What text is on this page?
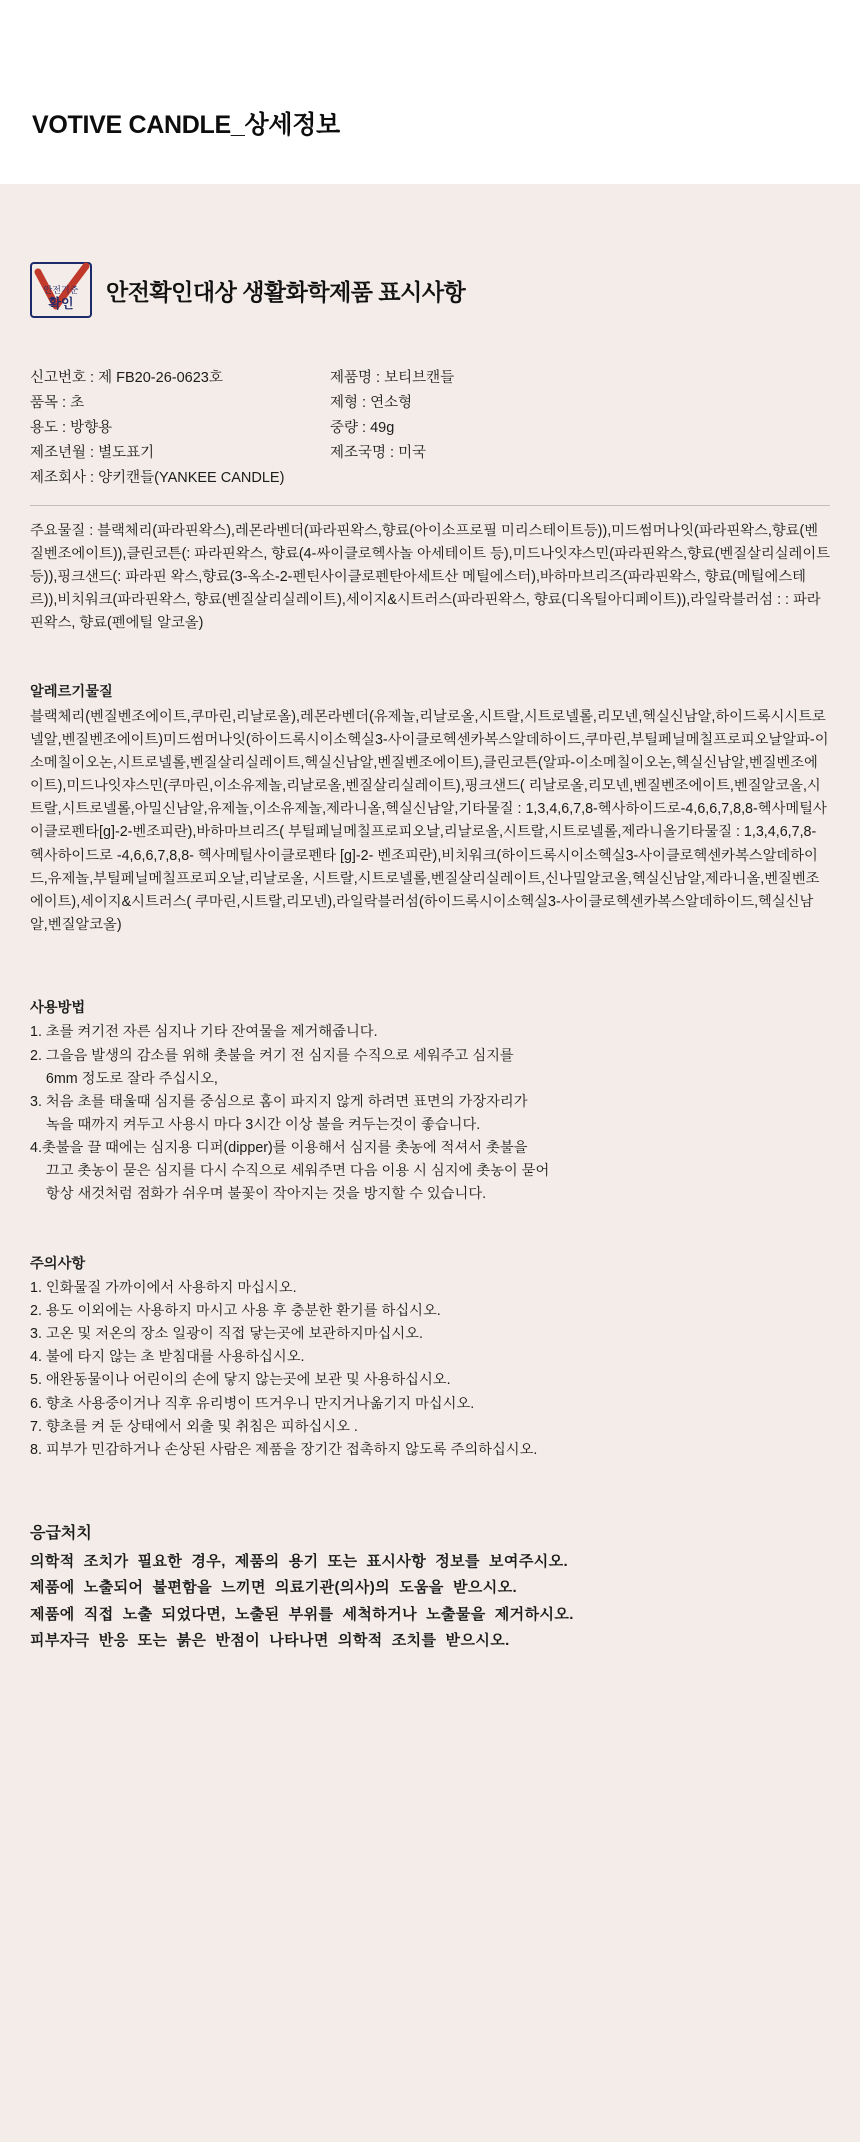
VOTIVE CANDLE_상세정보
안전기준
확인 안전확인대상 생활화학제품 표시사항
신고번호 : 제 FB20-26-0623호
품목 : 초
용도 : 방향용
제조년월 : 별도표기
제조회사 : 양키캔들(YANKEE CANDLE)
제품명 : 보티브캔들
제형 : 연소형
중량 : 49g
제조국명 : 미국

주요물질 : 블랙체리(파라핀왁스),레몬라벤더(파라핀왁스,향료(아이소프로필 미리스테이트등)),미드썸머나잇(파라핀왁스,향료(벤질벤조에이트)),클린코튼(: 파라핀왁스, 향료(4-싸이클로헥사놀 아세테이트 등),미드나잇쟈스민(파라핀왁스,향료(벤질살리실레이트 등)),핑크샌드(: 파라핀 왁스,향료(3-옥소-2-펜틴사이클로펜탄아세트산 메틸에스터),바하마브리즈(파라핀왁스, 향료(메틸에스테르)),비치워크(파라핀왁스, 향료(벤질살리실레이트),세이지&시트러스(파라핀왁스, 향료(디옥틸아디페이트)),라일락블러섬 : : 파라핀왁스, 향료(펜에틸 알코올)

알레르기물질

블랙체리(벤질벤조에이트,쿠마린,리날로올),레몬라벤더(유제놀,리날로올,시트랄,시트로넬롤,리모넨,헥실신남알,하이드록시시트로넬알,벤질벤조에이트)미드썸머나잇(하이드록시이소헥실3-사이클로헥센카복스알데하이드,쿠마린,부틸페닐메칠프로피오날알파-이소메칠이오논,시트로넬롤,벤질살리실레이트,헥실신남알,벤질벤조에이트),클린코튼(알파-이소메칠이오논,헥실신남알,벤질벤조에이트),미드나잇쟈스민(쿠마린,이소유제놀,리날로올,벤질살리실레이트),핑크샌드( 리날로올,리모넨,벤질벤조에이트,벤질알코올,시트랄,시트로넬롤,아밀신남알,유제놀,이소유제놀,제라니올,헥실신남알,기타물질 : 1,3,4,6,7,8-헥사하이드로-4,6,6,7,8,8-헥사메틸사이클로펜타[g]-2-벤조피란),바하마브리즈( 부틸페닐메칠프로피오날,리날로올,시트랄,시트로넬롤,제라니올기타물질 : 1,3,4,6,7,8- 헥사하이드로 -4,6,6,7,8,8- 헥사메틸사이클로펜타 [g]-2- 벤조피란),비치워크(하이드록시이소헥실3-사이클로헥센카복스알데하이드,유제놀,부틸페닐메칠프로피오날,리날로올, 시트랄,시트로넬롤,벤질살리실레이트,신나밀알코올,헥실신남알,제라니올,벤질벤조에이트),세이지&시트러스( 쿠마린,시트랄,리모넨),라일락블러섬(하이드록시이소헥실3-사이클로헥센카복스알데하이드,헥실신남알,벤질알코올)

사용방법

1. 초를 켜기전 자른 심지나 기타 잔여물을 제거해줍니다.

2. 그을음 발생의 감소를 위해 촛불을 켜기 전 심지를 수직으로 세워주고 심지를

6mm 정도로 잘라 주십시오,

3. 처음 초를 태울때 심지를 중심으로 홈이 파지지 않게 하려면 표면의 가장자리가

녹을 때까지 켜두고 사용시 마다 3시간 이상 불을 켜두는것이 좋습니다.

4.촛불을 끌 때에는 심지용 디퍼(dipper)를 이용해서 심지를 촛농에 적셔서 촛불을

끄고 촛농이 묻은 심지를 다시 수직으로 세워주면 다음 이용 시 심지에 촛농이 묻어

항상 새것처럼 점화가 쉬우며 불꽃이 작아지는 것을 방지할 수 있습니다.

주의사항

1. 인화물질 가까이에서 사용하지 마십시오.

2. 용도 이외에는 사용하지 마시고 사용 후 충분한 환기를 하십시오.

3. 고온 및 저온의 장소 일광이 직접 닿는곳에 보관하지마십시오.

4. 불에 타지 않는 초 받침대를 사용하십시오.

5. 애완동물이나 어린이의 손에 닿지 않는곳에 보관 및 사용하십시오.

6. 향초 사용중이거나 직후 유리병이 뜨거우니 만지거나옮기지 마십시오.

7. 향초를 켜 둔 상태에서 외출 및 취침은 피하십시오 .

8. 피부가 민감하거나 손상된 사람은 제품을 장기간 접촉하지 않도록 주의하십시오.

응급처치

의학적  조치가  필요한  경우,  제품의  용기  또는  표시사항  정보를  보여주시오.

제품에  노출되어  불편함을  느끼면  의료기관(의사)의  도움을  받으시오.

제품에  직접  노출  되었다면,  노출된  부위를  세척하거나  노출물을  제거하시오.

피부자극  반응  또는  붉은  반점이  나타나면  의학적  조치를  받으시오.
